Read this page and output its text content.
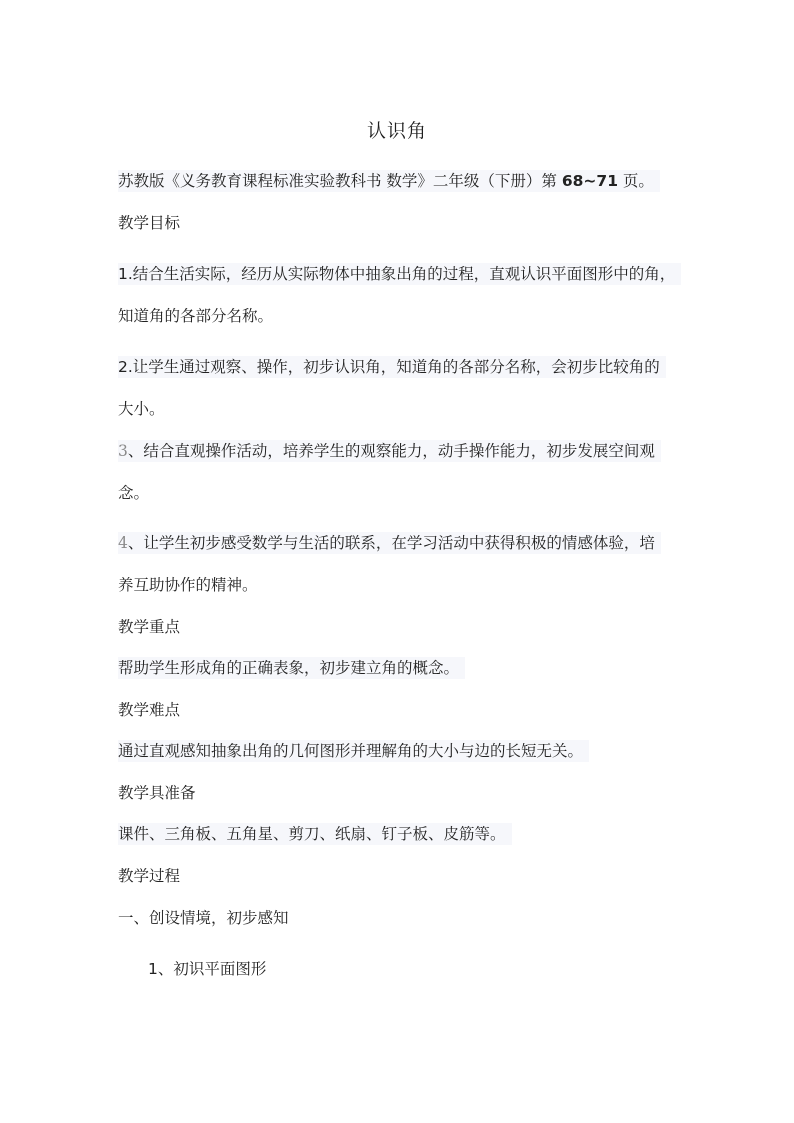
认识角
苏教版《义务教育课程标准实验教科书 数学》二年级（下册）第 68~71 页。
教学目标
1.结合生活实际，经历从实际物体中抽象出角的过程，直观认识平面图形中的角，
知道角的各部分名称。
2.让学生通过观察、操作，初步认识角，知道角的各部分名称，会初步比较角的
大小。
3、结合直观操作活动，培养学生的观察能力，动手操作能力，初步发展空间观
念。
4、让学生初步感受数学与生活的联系，在学习活动中获得积极的情感体验，培
养互助协作的精神。
教学重点
帮助学生形成角的正确表象，初步建立角的概念。
教学难点
通过直观感知抽象出角的几何图形并理解角的大小与边的长短无关。
教学具准备
课件、三角板、五角星、剪刀、纸扇、钉子板、皮筋等。
教学过程
一、创设情境，初步感知
1、初识平面图形
